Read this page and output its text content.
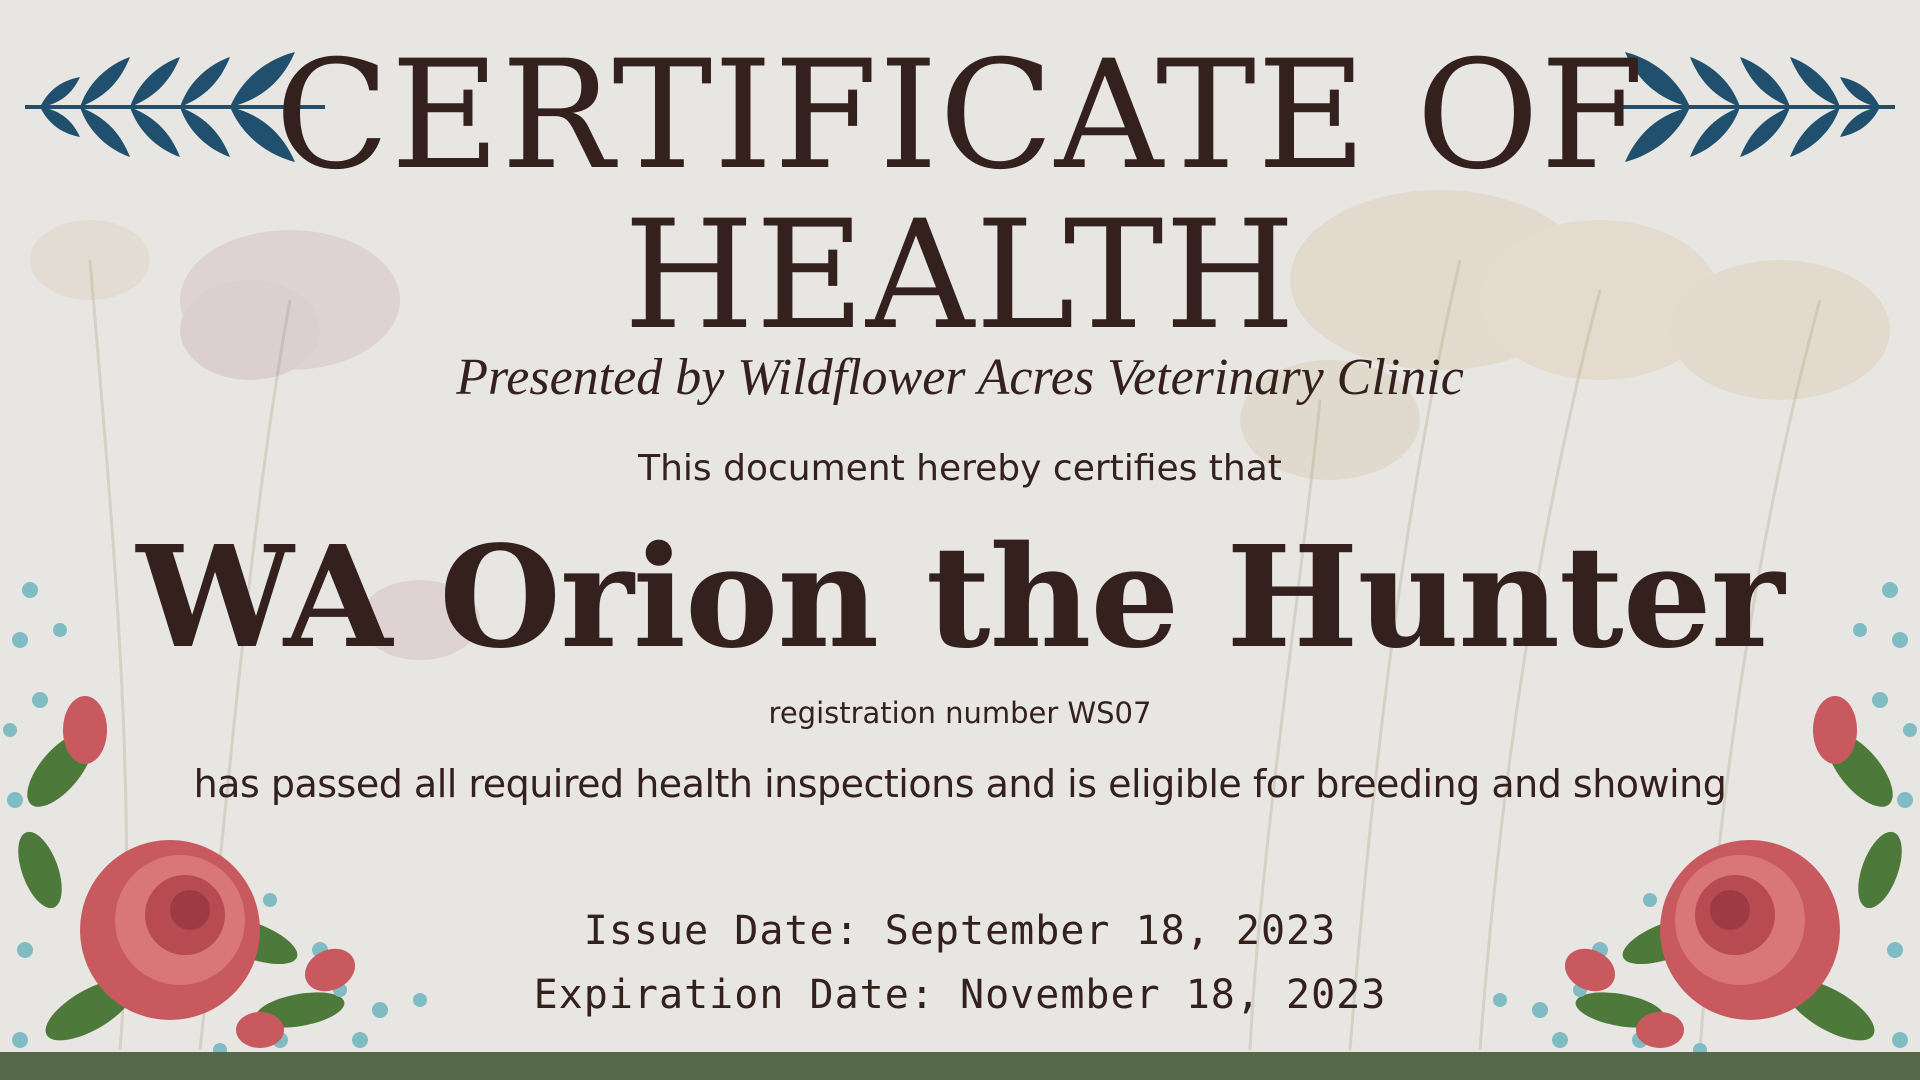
CERTIFICATE OF
HEALTH
Presented by Wildflower Acres Veterinary Clinic
This document hereby certifies that
WA Orion the Hunter
registration number WS07
has passed all required health inspections and is eligible for breeding and showing
Issue Date: September 18, 2023
Expiration Date: November 18, 2023
